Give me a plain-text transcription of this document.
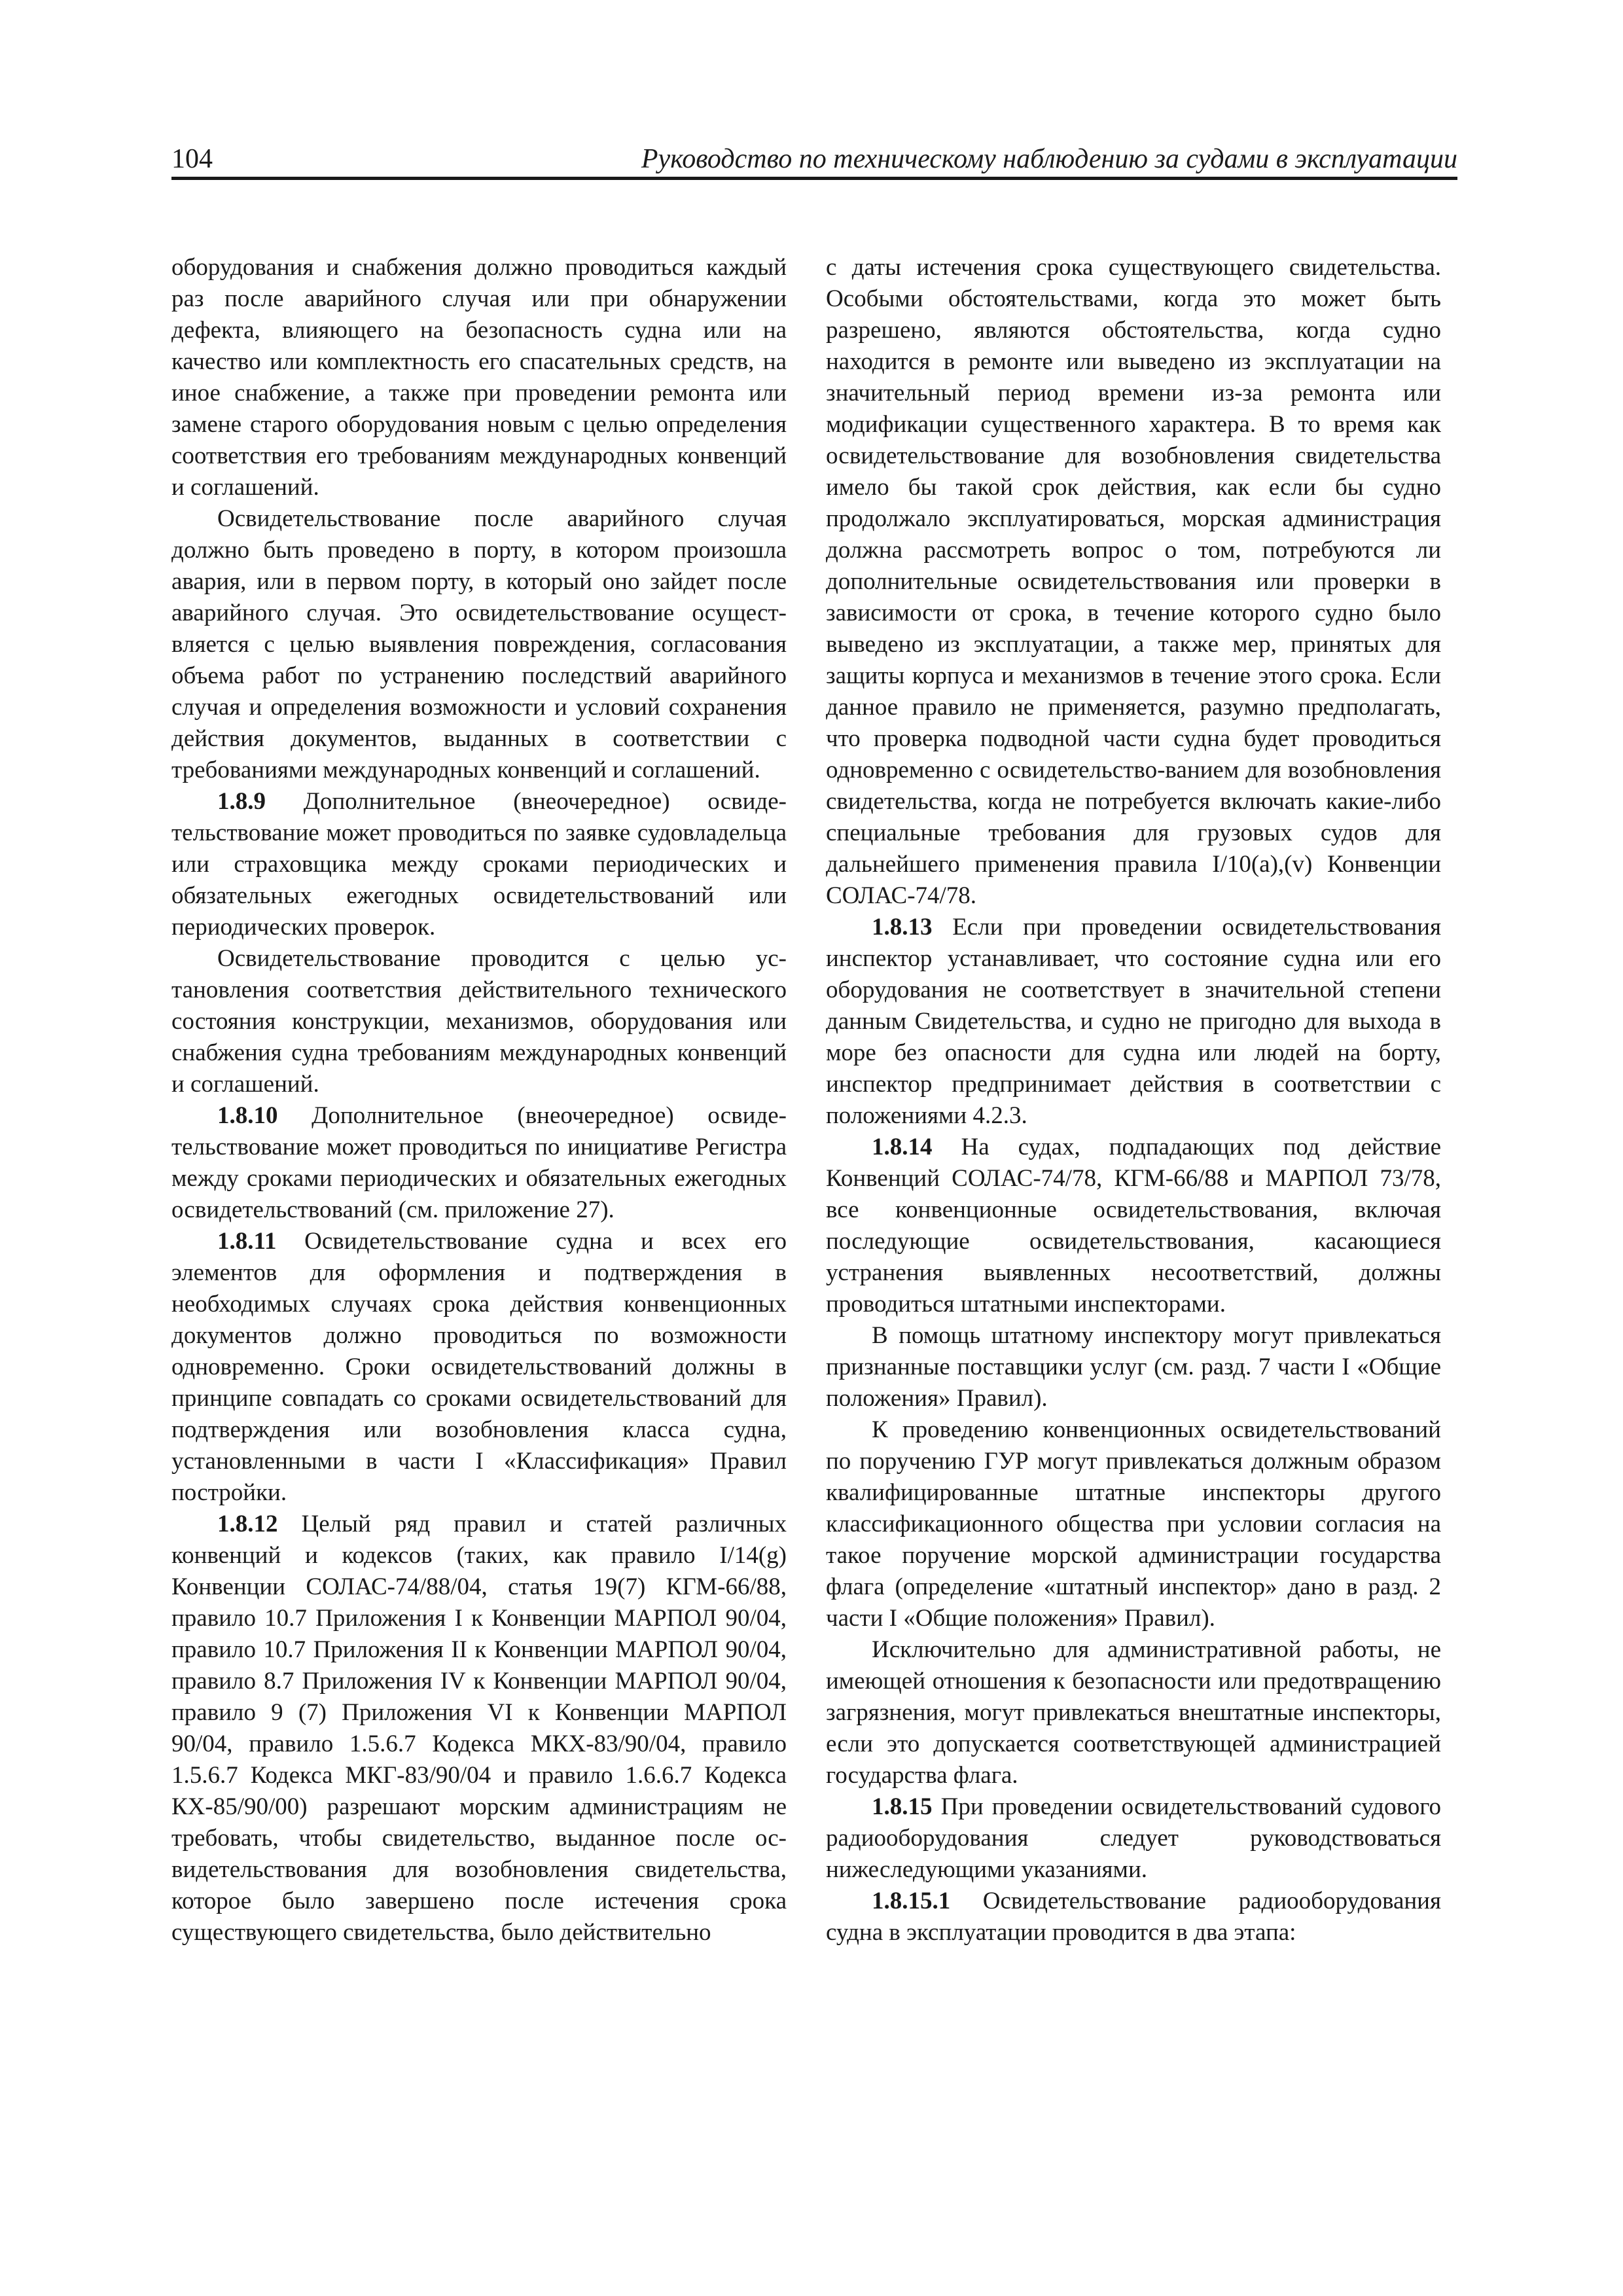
104	Руководство по техническому наблюдению за судами в эксплуатации

оборудования и снабжения должно проводиться каждый раз после аварийного случая или при обнаружении дефекта, влияющего на безопасность судна или на качество или комплектность его спасательных средств, на иное снабжение, а также при проведении ремонта или замене старого оборудования новым с целью определения соответствия его требованиям международных конвенций и соглашений.

Освидетельствование после аварийного случая должно быть проведено в порту, в котором произошла авария, или в первом порту, в который оно зайдет после аварийного случая. Это освидетельствование осуществляется с целью выявления повреждения, согласования объема работ по устранению последствий аварийного случая и определения возможности и условий сохранения действия документов, выданных в соответствии с требованиями международных конвенций и соглашений.

1.8.9 Дополнительное (внеочередное) освидетельствование может проводиться по заявке судовладельца или страховщика между сроками периодических и обязательных ежегодных освидетельствований или периодических проверок.

Освидетельствование проводится с целью установления соответствия действительного технического состояния конструкции, механизмов, оборудования или снабжения судна требованиям международных конвенций и соглашений.

1.8.10 Дополнительное (внеочередное) освидетельствование может проводиться по инициативе Регистра между сроками периодических и обязательных ежегодных освидетельствований (см. приложение 27).

1.8.11 Освидетельствование судна и всех его элементов для оформления и подтверждения в необходимых случаях срока действия конвенционных документов должно проводиться по возможности одновременно. Сроки освидетельствований должны в принципе совпадать со сроками освидетельствований для подтверждения или возобновления класса судна, установленными в части I «Классификация» Правил постройки.

1.8.12 Целый ряд правил и статей различных конвенций и кодексов (таких, как правило I/14(g) Конвенции СОЛАС-74/88/04, статья 19(7) КГМ-66/88, правило 10.7 Приложения I к Конвенции МАРПОЛ 90/04, правило 10.7 Приложения II к Конвенции МАРПОЛ 90/04, правило 8.7 Приложения IV к Конвенции МАРПОЛ 90/04, правило 9 (7) Приложения VI к Конвенции МАРПОЛ 90/04, правило 1.5.6.7 Кодекса МКХ-83/90/04, правило 1.5.6.7 Кодекса МКГ-83/90/04 и правило 1.6.6.7 Кодекса КХ-85/90/00) разрешают морским администрациям не требовать, чтобы свидетельство, выданное после освидетельствования для возобновления свидетельства, которое было завершено после истечения срока существующего свидетельства, было действительно

с даты истечения срока существующего свидетельства. Особыми обстоятельствами, когда это может быть разрешено, являются обстоятельства, когда судно находится в ремонте или выведено из эксплуатации на значительный период времени из-за ремонта или модификации существенного характера. В то время как освидетельствование для возобновления свидетельства имело бы такой срок действия, как если бы судно продолжало эксплуатироваться, морская администрация должна рассмотреть вопрос о том, потребуются ли дополнительные освидетельствования или проверки в зависимости от срока, в течение которого судно было выведено из эксплуатации, а также мер, принятых для защиты корпуса и механизмов в течение этого срока. Если данное правило не применяется, разумно предполагать, что проверка подводной части судна будет проводиться одновременно с освидетельство-ванием для возобновления свидетельства, когда не потребуется включать какие-либо специальные требования для грузовых судов для дальнейшего применения правила I/10(а),(v) Конвенции СОЛАС-74/78.

1.8.13 Если при проведении освидетельствования инспектор устанавливает, что состояние судна или его оборудования не соответствует в значительной степени данным Свидетельства, и судно не пригодно для выхода в море без опасности для судна или людей на борту, инспектор предпринимает действия в соответствии с положениями 4.2.3.

1.8.14 На судах, подпадающих под действие Конвенций СОЛАС-74/78, КГМ-66/88 и МАРПОЛ 73/78, все конвенционные освидетельствования, включая последующие освидетельствования, касающиеся устранения выявленных несоответствий, должны проводиться штатными инспекторами.

В помощь штатному инспектору могут привлекаться признанные поставщики услуг (см. разд. 7 части I «Общие положения» Правил).

К проведению конвенционных освидетельствований по поручению ГУР могут привлекаться должным образом квалифицированные штатные инспекторы другого классификационного общества при условии согласия на такое поручение морской администрации государства флага (определение «штатный инспектор» дано в разд. 2 части I «Общие положения» Правил).

Исключительно для административной работы, не имеющей отношения к безопасности или предотвращению загрязнения, могут привлекаться внештатные инспекторы, если это допускается соответствующей администрацией государства флага.

1.8.15 При проведении освидетельствований судового радиооборудования следует руководствоваться нижеследующими указаниями.

1.8.15.1 Освидетельствование радиооборудования судна в эксплуатации проводится в два этапа:
